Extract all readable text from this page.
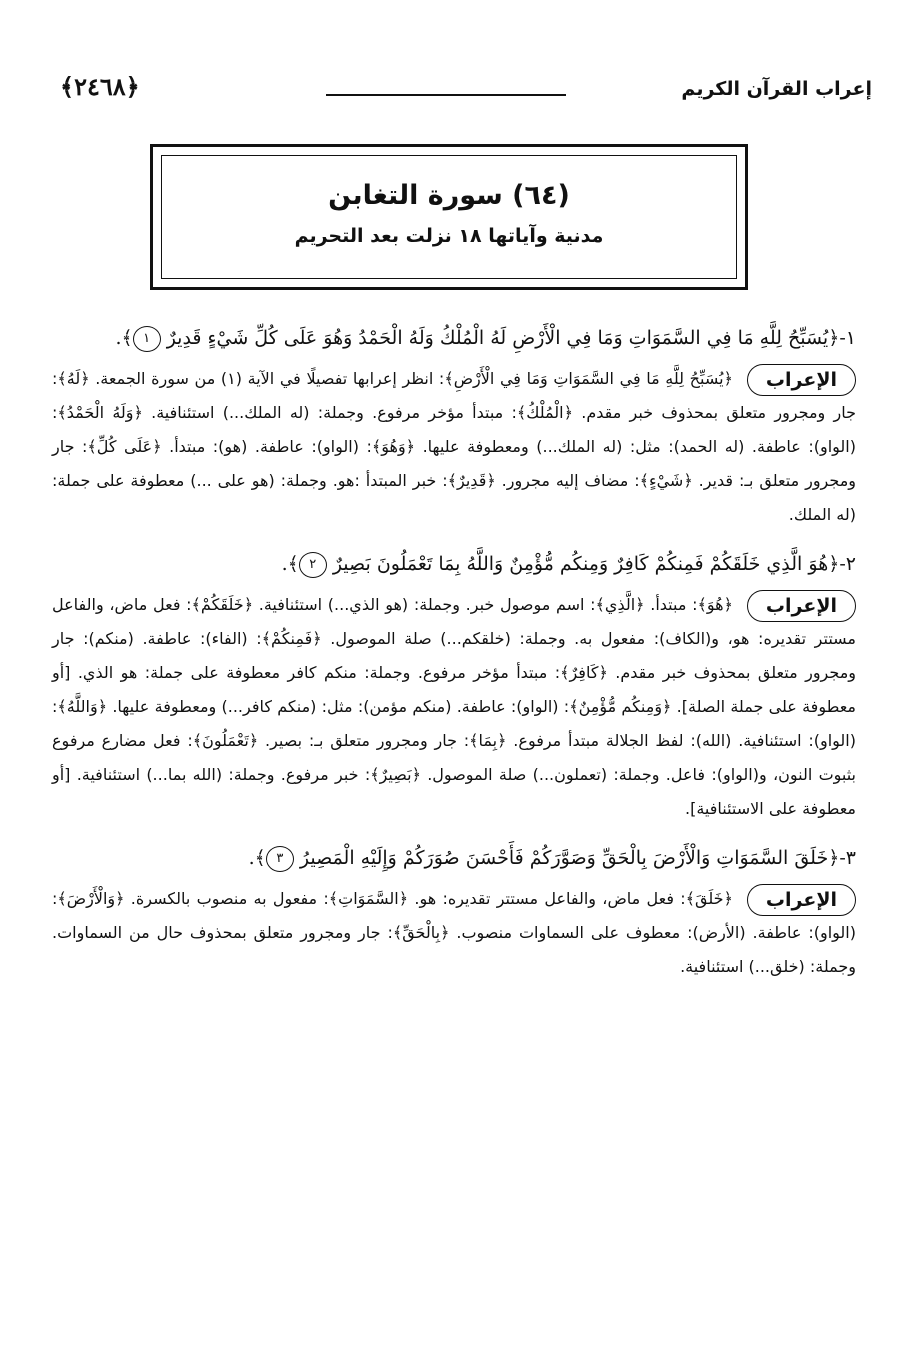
﴿٢٤٦٨﴾	إعراب القرآن الكريم
(٦٤) سورة التغابن
مدنية وآياتها ١٨ نزلت بعد التحريم

١-﴿يُسَبِّحُ لِلَّهِ مَا فِي السَّمَوَاتِ وَمَا فِي الْأَرْضِ لَهُ الْمُلْكُ وَلَهُ الْحَمْدُ وَهُوَ عَلَى كُلِّ شَيْءٍ قَدِيرٌ ١﴾.

الإعراب
﴿يُسَبِّحُ لِلَّهِ مَا فِي السَّمَوَاتِ وَمَا فِي الْأَرْضِ﴾: انظر إعرابها تفصيلًا في الآية (١) من سورة الجمعة. ﴿لَهُ﴾: جار ومجرور متعلق بمحذوف خبر مقدم. ﴿الْمُلْكُ﴾: مبتدأ مؤخر مرفوع. وجملة: (له الملك...) استئنافية. ﴿وَلَهُ الْحَمْدُ﴾: (الواو): عاطفة. (له الحمد): مثل: (له الملك...) ومعطوفة عليها. ﴿وَهُوَ﴾: (الواو): عاطفة. (هو): مبتدأ. ﴿عَلَى كُلِّ﴾: جار ومجرور متعلق بـ: قدير. ﴿شَيْءٍ﴾: مضاف إليه مجرور. ﴿قَدِيرٌ﴾: خبر المبتدأ :هو. وجملة: (هو على ...) معطوفة على جملة: (له الملك.

٢-﴿هُوَ الَّذِي خَلَقَكُمْ فَمِنكُمْ كَافِرٌ وَمِنكُم مُّؤْمِنٌ وَاللَّهُ بِمَا تَعْمَلُونَ بَصِيرٌ ٢﴾.

الإعراب
﴿هُوَ﴾: مبتدأ. ﴿الَّذِي﴾: اسم موصول خبر. وجملة: (هو الذي...) استئنافية. ﴿خَلَقَكُمْ﴾: فعل ماض، والفاعل مستتر تقديره: هو، و(الكاف): مفعول به. وجملة: (خلقكم...) صلة الموصول. ﴿فَمِنكُمْ﴾: (الفاء): عاطفة. (منكم): جار ومجرور متعلق بمحذوف خبر مقدم. ﴿كَافِرٌ﴾: مبتدأ مؤخر مرفوع. وجملة: منكم كافر معطوفة على جملة: هو الذي. [أو معطوفة على جملة الصلة]. ﴿وَمِنكُم مُّؤْمِنٌ﴾: (الواو): عاطفة. (منكم مؤمن): مثل: (منكم كافر...) ومعطوفة عليها. ﴿وَاللَّهُ﴾: (الواو): استئنافية. (الله): لفظ الجلالة مبتدأ مرفوع. ﴿بِمَا﴾: جار ومجرور متعلق بـ: بصير. ﴿تَعْمَلُونَ﴾: فعل مضارع مرفوع بثبوت النون، و(الواو): فاعل. وجملة: (تعملون...) صلة الموصول. ﴿بَصِيرٌ﴾: خبر مرفوع. وجملة: (الله بما...) استئنافية. [أو معطوفة على الاستئنافية].

٣-﴿خَلَقَ السَّمَوَاتِ وَالْأَرْضَ بِالْحَقِّ وَصَوَّرَكُمْ فَأَحْسَنَ صُوَرَكُمْ وَإِلَيْهِ الْمَصِيرُ ٣﴾.

الإعراب
﴿خَلَقَ﴾: فعل ماض، والفاعل مستتر تقديره: هو. ﴿السَّمَوَاتِ﴾: مفعول به منصوب بالكسرة. ﴿وَالْأَرْضَ﴾: (الواو): عاطفة. (الأرض): معطوف على السماوات منصوب. ﴿بِالْحَقِّ﴾: جار ومجرور متعلق بمحذوف حال من السماوات. وجملة: (خلق...) استئنافية.
